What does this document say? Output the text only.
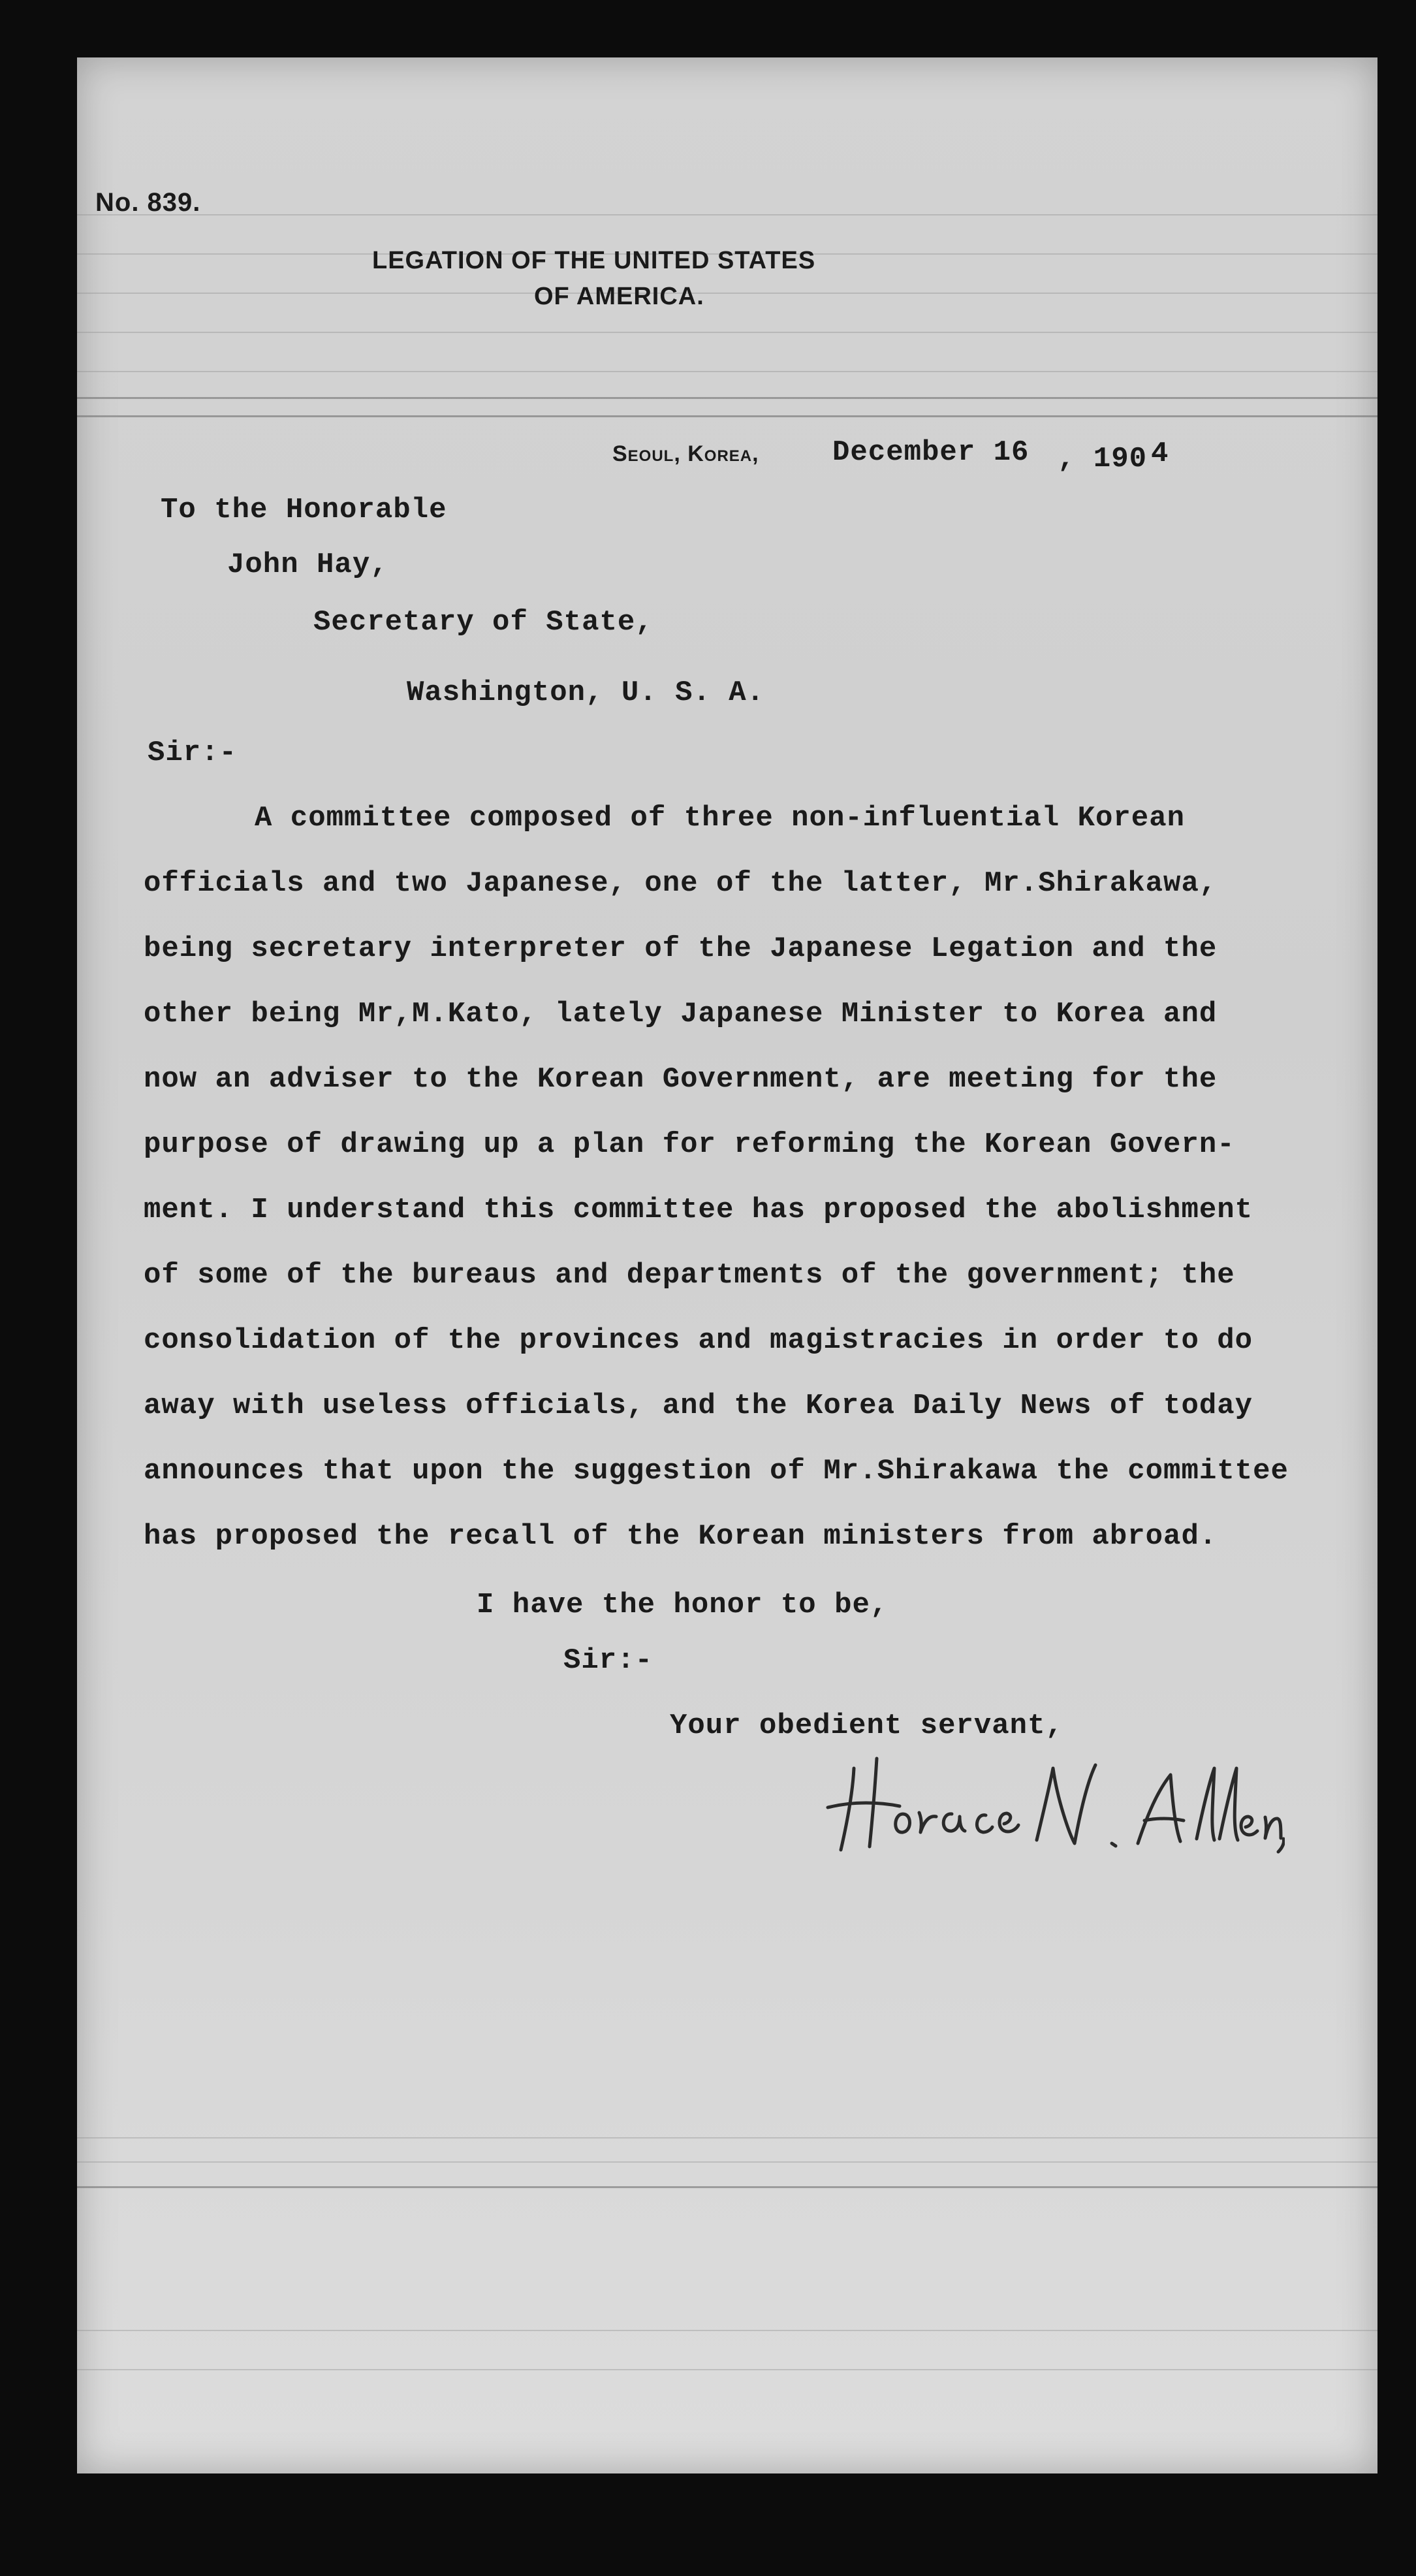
No. 839.
LEGATION OF THE UNITED STATES
OF AMERICA.
Seoul, Korea,	December 16 , 190 4
To the Honorable
John Hay,
Secretary of State,
Washington, U. S. A.
Sir:-
A committee composed of three non-influential Korean
officials and two Japanese, one of the latter, Mr.Shirakawa,
being secretary interpreter of the Japanese Legation and the
other being Mr,M.Kato, lately Japanese Minister to Korea and
now an adviser to the Korean Government, are meeting for the
purpose of drawing up a plan for reforming the Korean Govern-
ment. I understand this committee has proposed the abolishment
of some of the bureaus and departments of the government; the
consolidation of the provinces and magistracies in order to do
away with useless officials, and the Korea Daily News of today
announces that upon the suggestion of Mr.Shirakawa the committee
has proposed the recall of the Korean ministers from abroad.
I have the honor to be,
Sir:-
Your obedient servant,
